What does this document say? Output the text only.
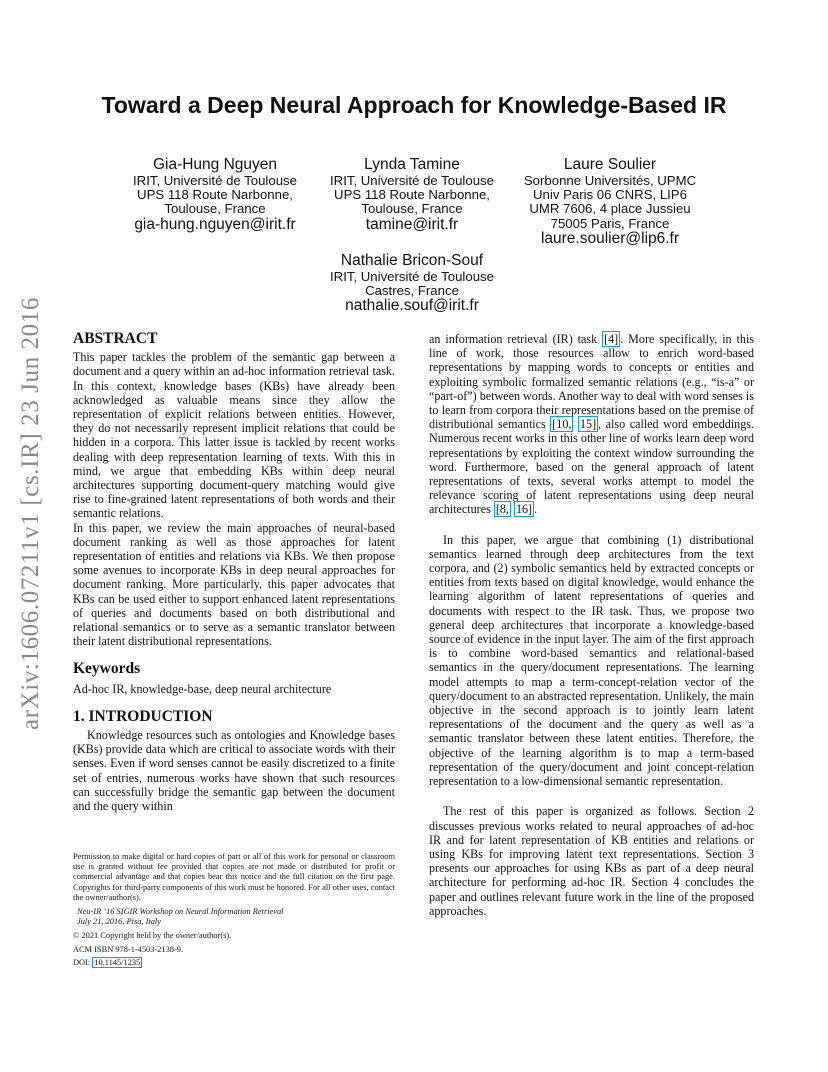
arXiv:1606.07211v1 [cs.IR] 23 Jun 2016
Toward a Deep Neural Approach for Knowledge-Based IR
Gia-Hung Nguyen
IRIT, Université de Toulouse
UPS 118 Route Narbonne,
Toulouse, France
gia-hung.nguyen@irit.fr
Lynda Tamine
IRIT, Université de Toulouse
UPS 118 Route Narbonne,
Toulouse, France
tamine@irit.fr
Laure Soulier
Sorbonne Universités, UPMC
Univ Paris 06 CNRS, LIP6
UMR 7606, 4 place Jussieu
75005 Paris, France
laure.soulier@lip6.fr
Nathalie Bricon-Souf
IRIT, Université de Toulouse
Castres, France
nathalie.souf@irit.fr
ABSTRACT

This paper tackles the problem of the semantic gap between a document and a query within an ad-hoc information retrieval task. In this context, knowledge bases (KBs) have already been acknowledged as valuable means since they allow the representation of explicit relations between entities. However, they do not necessarily represent implicit relations that could be hidden in a corpora. This latter issue is tackled by recent works dealing with deep representation learning of texts. With this in mind, we argue that embedding KBs within deep neural architectures supporting document-query matching would give rise to fine-grained latent representations of both words and their semantic relations.

In this paper, we review the main approaches of neural-based document ranking as well as those approaches for latent representation of entities and relations via KBs. We then propose some avenues to incorporate KBs in deep neural approaches for document ranking. More particularly, this paper advocates that KBs can be used either to support enhanced latent representations of queries and documents based on both distributional and relational semantics or to serve as a semantic translator between their latent distributional representations.

Keywords

Ad-hoc IR, knowledge-base, deep neural architecture

1. INTRODUCTION

Knowledge resources such as ontologies and Knowledge bases (KBs) provide data which are critical to associate words with their senses. Even if word senses cannot be easily discretized to a finite set of entries, numerous works have shown that such resources can successfully bridge the semantic gap between the document and the query within

an information retrieval (IR) task [4] . More specifically, in this line of work, those resources allow to enrich word-based representations by mapping words to concepts or entities and exploiting symbolic formalized semantic relations (e.g., “is-a” or “part-of”) between words. Another way to deal with word senses is to learn from corpora their representations based on the premise of distributional semantics [10, 15] , also called word embeddings. Numerous recent works in this other line of works learn deep word representations by exploiting the context window surrounding the word. Furthermore, based on the general approach of latent representations of texts, several works attempt to model the relevance scoring of latent representations using deep neural architectures [8, 16] .

In this paper, we argue that combining (1) distributional semantics learned through deep architectures from the text corpora, and (2) symbolic semantics held by extracted concepts or entities from texts based on digital knowledge, would enhance the learning algorithm of latent representations of queries and documents with respect to the IR task. Thus, we propose two general deep architectures that incorporate a knowledge-based source of evidence in the input layer. The aim of the first approach is to combine word-based semantics and relational-based semantics in the query/document representations. The learning model attempts to map a term-concept-relation vector of the query/document to an abstracted representation. Unlikely, the main objective in the second approach is to jointly learn latent representations of the document and the query as well as a semantic translator between these latent entities. Therefore, the objective of the learning algorithm is to map a term-based representation of the query/document and joint concept-relation representation to a low-dimensional semantic representation.

The rest of this paper is organized as follows. Section 2 discusses previous works related to neural approaches of ad-hoc IR and for latent representation of KB entities and relations or using KBs for improving latent text representations. Section 3 presents our approaches for using KBs as part of a deep neural architecture for performing ad-hoc IR. Section 4 concludes the paper and outlines relevant future work in the line of the proposed approaches.

Permission to make digital or hard copies of part or all of this work for personal or classroom use is granted without fee provided that copies are not made or distributed for profit or commercial advantage and that copies bear this notice and the full citation on the first page. Copyrights for third-party components of this work must be honored. For all other uses, contact the owner/author(s).
Neu-IR ’16 SIGIR Workshop on Neural Information Retrieval
July 21, 2016, Pisa, Italy
© 2021 Copyright held by the owner/author(s).
ACM ISBN 978-1-4503-2138-9.
DOI: 10.1145/1235
